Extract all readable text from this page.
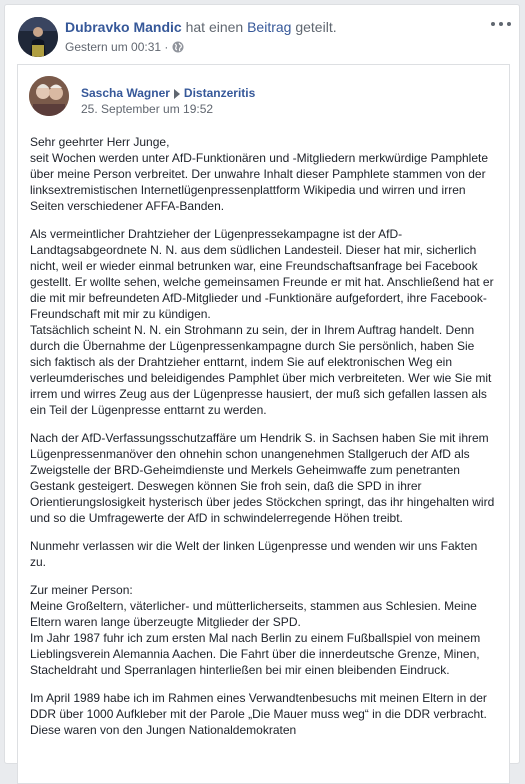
Dubravko Mandic hat einen Beitrag geteilt.
Gestern um 00:31 ·
Sascha Wagner Distanzeritis
25. September um 19:52

Sehr geehrter Herr Junge,
seit Wochen werden unter AfD-Funktionären und -Mitgliedern merkwürdige Pamphlete über meine Person verbreitet. Der unwahre Inhalt dieser Pamphlete stammen von der linksextremistischen Internetlügenpressenplattform Wikipedia und wirren und irren Seiten verschiedener AFFA-Banden.

Als vermeintlicher Drahtzieher der Lügenpressekampagne ist der AfD-Landtagsabgeordnete N. N. aus dem südlichen Landesteil. Dieser hat mir, sicherlich nicht, weil er wieder einmal betrunken war, eine Freundschaftsanfrage bei Facebook gestellt. Er wollte sehen, welche gemeinsamen Freunde er mit hat. Anschließend hat er die mit mir befreundeten AfD-Mitglieder und -Funktionäre aufgefordert, ihre Facebook-Freundschaft mit mir zu kündigen.
Tatsächlich scheint N. N. ein Strohmann zu sein, der in Ihrem Auftrag handelt. Denn durch die Übernahme der Lügenpressenkampagne durch Sie persönlich, haben Sie sich faktisch als der Drahtzieher enttarnt, indem Sie auf elektronischen Weg ein verleumderisches und beleidigendes Pamphlet über mich verbreiteten. Wer wie Sie mit irrem und wirres Zeug aus der Lügenpresse hausiert, der muß sich gefallen lassen als ein Teil der Lügenpresse enttarnt zu werden.

Nach der AfD-Verfassungsschutzaffäre um Hendrik S. in Sachsen haben Sie mit ihrem Lügenpressenmanöver den ohnehin schon unangenehmen Stallgeruch der AfD als Zweigstelle der BRD-Geheimdienste und Merkels Geheimwaffe zum penetranten Gestank gesteigert. Deswegen können Sie froh sein, daß die SPD in ihrer Orientierungslosigkeit hysterisch über jedes Stöckchen springt, das ihr hingehalten wird und so die Umfragewerte der AfD in schwindelerregende Höhen treibt.

Nunmehr verlassen wir die Welt der linken Lügenpresse und wenden wir uns Fakten zu.

Zur meiner Person:
Meine Großeltern, väterlicher- und mütterlicherseits, stammen aus Schlesien. Meine Eltern waren lange überzeugte Mitglieder der SPD.
Im Jahr 1987 fuhr ich zum ersten Mal nach Berlin zu einem Fußballspiel von meinem Lieblingsverein Alemannia Aachen. Die Fahrt über die innerdeutsche Grenze, Minen, Stacheldraht und Sperranlagen hinterließen bei mir einen bleibenden Eindruck.

Im April 1989 habe ich im Rahmen eines Verwandtenbesuchs mit meinen Eltern in der DDR über 1000 Aufkleber mit der Parole „Die Mauer muss weg“ in die DDR verbracht. Diese waren von den Jungen Nationaldemokraten
